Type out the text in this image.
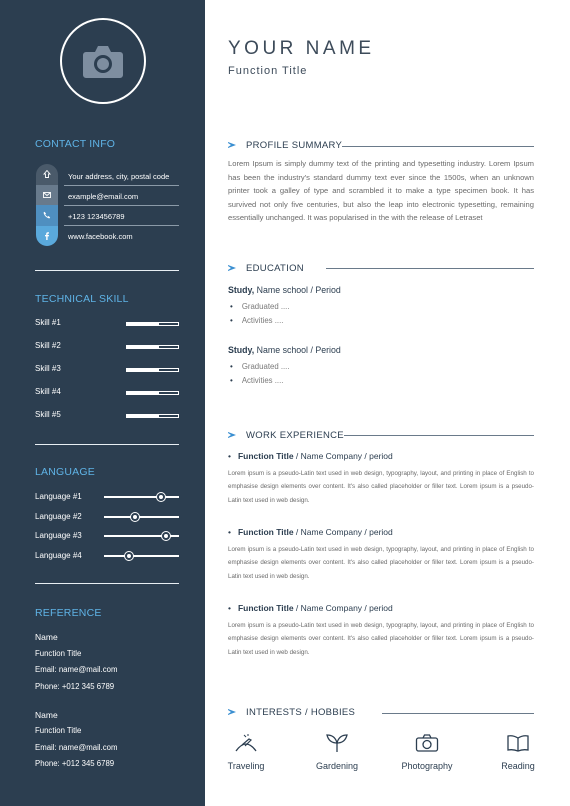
CONTACT INFO
Your address, city, postal code
example@email.com
+123 123456789
www.facebook.com
TECHNICAL SKILL
Skill #1
Skill #2
Skill #3
Skill #4
Skill #5
LANGUAGE
Language #1
Language #2
Language #3
Language #4
REFERENCE
Name
Function Title
Email: name@mail.com
Phone: +012 345 6789
Name
Function Title
Email: name@mail.com
Phone: +012 345 6789
YOUR NAME
Function Title
PROFILE SUMMARY
Lorem Ipsum is simply dummy text of the printing and typesetting industry. Lorem Ipsum has been the industry's standard dummy text ever since the 1500s, when an unknown printer took a galley of type and scrambled it to make a type specimen book. It has survived not only five centuries, but also the leap into electronic typesetting, remaining essentially unchanged. It was popularised in the with the release of Letraset
EDUCATION
Study, Name school / Period
• Graduated ....
• Activities ....
Study, Name school / Period
• Graduated ....
• Activities ....
WORK EXPERIENCE
• Function Title / Name Company / period
Lorem ipsum is a pseudo-Latin text used in web design, typography, layout, and printing in place of English to emphasise design elements over content. It's also called placeholder or filler text. Lorem ipsum is a pseudo-Latin text used in web design.
• Function Title / Name Company / period
Lorem ipsum is a pseudo-Latin text used in web design, typography, layout, and printing in place of English to emphasise design elements over content. It's also called placeholder or filler text. Lorem ipsum is a pseudo-Latin text used in web design.
• Function Title / Name Company / period
Lorem ipsum is a pseudo-Latin text used in web design, typography, layout, and printing in place of English to emphasise design elements over content. It's also called placeholder or filler text. Lorem ipsum is a pseudo-Latin text used in web design.
INTERESTS / HOBBIES
Traveling	Gardening	Photography	Reading
